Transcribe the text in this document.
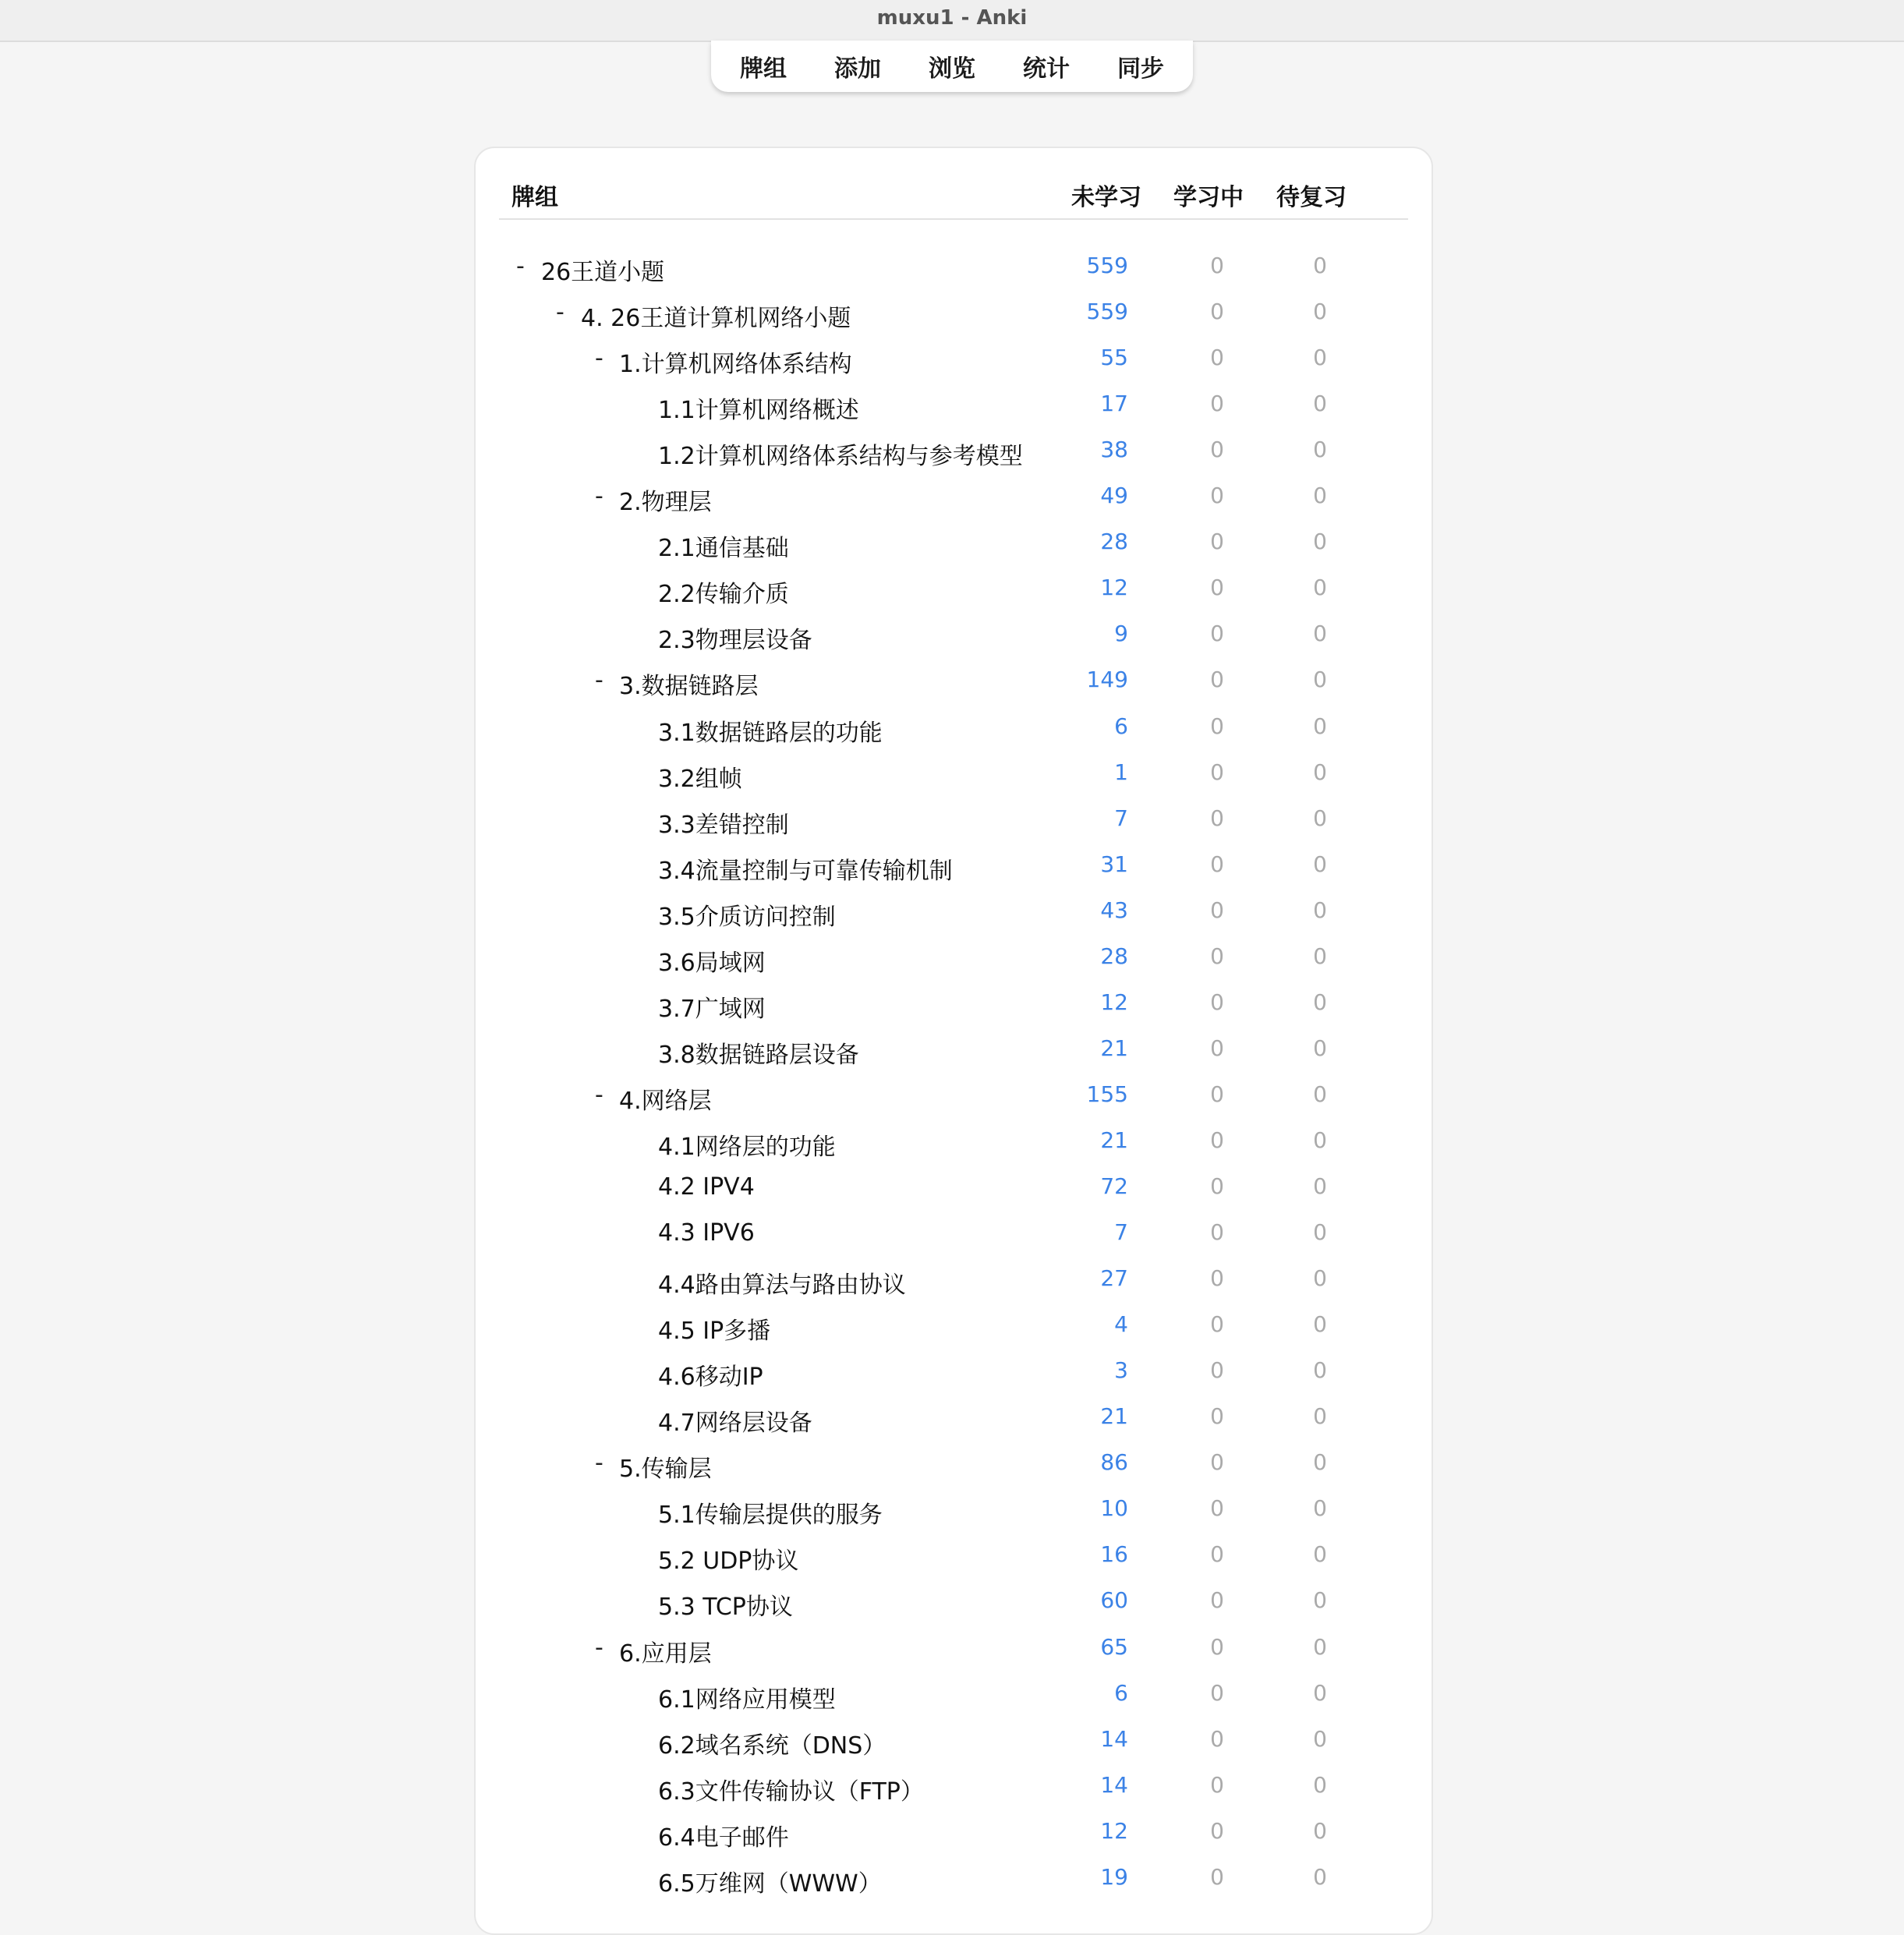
muxu1 - Anki
牌组	添加	浏览	统计	同步
牌组	未学习 学习中 待复习
- 26王道小题	559	0	0
- 4. 26王道计算机网络小题	559	0	0
- 1.计算机网络体系结构	55	0	0
1.1计算机网络概述	17	0	0
1.2计算机网络体系结构与参考模型	38	0	0
- 2.物理层	49	0	0
2.1通信基础	28	0	0
2.2传输介质	12	0	0
2.3物理层设备	9	0	0
- 3.数据链路层	149	0	0
3.1数据链路层的功能	6	0	0
3.2组帧	1	0	0
3.3差错控制	7	0	0
3.4流量控制与可靠传输机制	31	0	0
3.5介质访问控制	43	0	0
3.6局域网	28	0	0
3.7广域网	12	0	0
3.8数据链路层设备	21	0	0
- 4.网络层	155	0	0
4.1网络层的功能	21	0	0
4.2 IPV4	72	0	0
4.3 IPV6	7	0	0
4.4路由算法与路由协议	27	0	0
4.5 IP多播	4	0	0
4.6移动IP	3	0	0
4.7网络层设备	21	0	0
- 5.传输层	86	0	0
5.1传输层提供的服务	10	0	0
5.2 UDP协议	16	0	0
5.3 TCP协议	60	0	0
- 6.应用层	65	0	0
6.1网络应用模型	6	0	0
6.2域名系统（DNS）	14	0	0
6.3文件传输协议（FTP）	14	0	0
6.4电子邮件	12	0	0
6.5万维网（WWW）	19	0	0
